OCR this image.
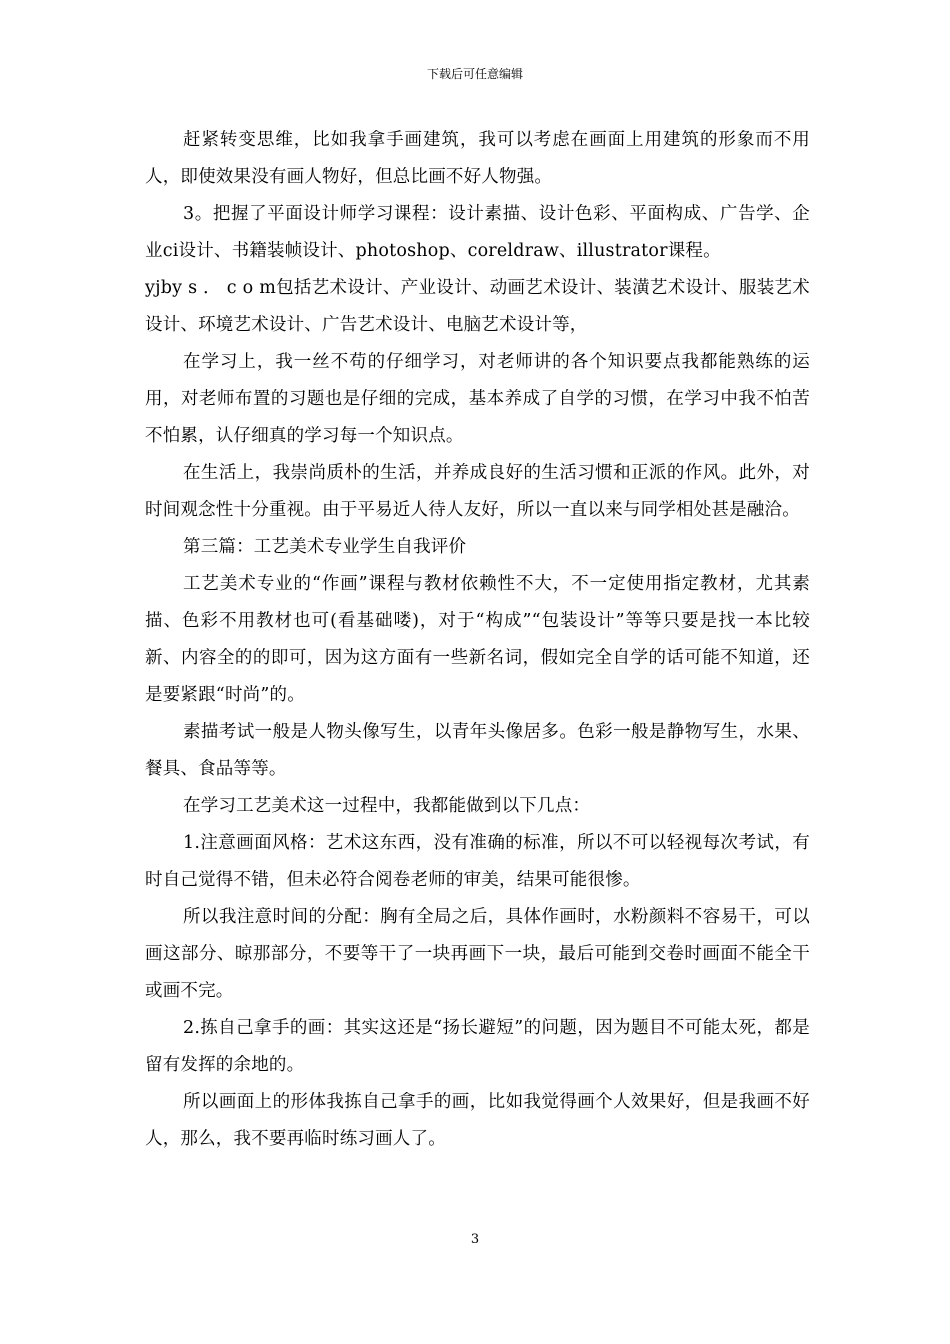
下载后可任意编辑

赶紧转变思维，比如我拿手画建筑，我可以考虑在画面上用建筑的形象而不用人，即使效果没有画人物好，但总比画不好人物强。

3。把握了平面设计师学习课程：设计素描、设计色彩、平面构成、广告学、企业ci设计、书籍装帧设计、photoshop、coreldraw、illustrator课程。

yjby s ． c o m包括艺术设计、产业设计、动画艺术设计、装潢艺术设计、服装艺术设计、环境艺术设计、广告艺术设计、电脑艺术设计等，

在学习上，我一丝不苟的仔细学习，对老师讲的各个知识要点我都能熟练的运用，对老师布置的习题也是仔细的完成，基本养成了自学的习惯，在学习中我不怕苦不怕累，认仔细真的学习每一个知识点。

在生活上，我崇尚质朴的生活，并养成良好的生活习惯和正派的作风。此外，对时间观念性十分重视。由于平易近人待人友好，所以一直以来与同学相处甚是融洽。

第三篇：工艺美术专业学生自我评价

工艺美术专业的“作画”课程与教材依赖性不大，不一定使用指定教材，尤其素描、色彩不用教材也可(看基础喽)，对于“构成”“包装设计”等等只要是找一本比较新、内容全的的即可，因为这方面有一些新名词，假如完全自学的话可能不知道，还是要紧跟“时尚”的。

素描考试一般是人物头像写生，以青年头像居多。色彩一般是静物写生，水果、餐具、食品等等。

在学习工艺美术这一过程中，我都能做到以下几点：

1.注意画面风格：艺术这东西，没有准确的标准，所以不可以轻视每次考试，有时自己觉得不错，但未必符合阅卷老师的审美，结果可能很惨。

所以我注意时间的分配：胸有全局之后，具体作画时，水粉颜料不容易干，可以画这部分、晾那部分，不要等干了一块再画下一块，最后可能到交卷时画面不能全干或画不完。

2.拣自己拿手的画：其实这还是“扬长避短”的问题，因为题目不可能太死，都是留有发挥的余地的。

所以画面上的形体我拣自己拿手的画，比如我觉得画个人效果好，但是我画不好人，那么，我不要再临时练习画人了。

3
